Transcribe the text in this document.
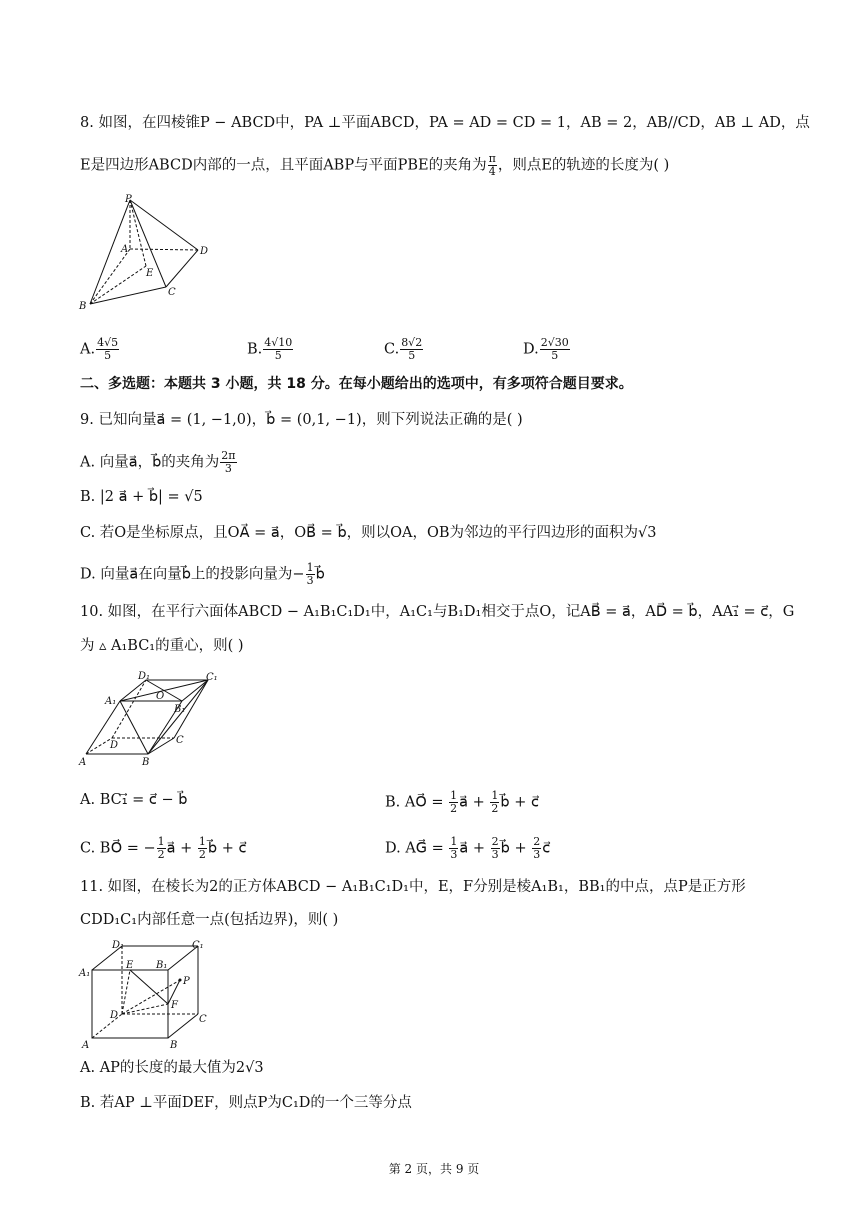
8. 如图，在四棱锥P − ABCD中，PA ⊥平面ABCD，PA = AD = CD = 1，AB = 2，AB//CD，AB ⊥ AD，点
E是四边形ABCD内部的一点，且平面ABP与平面PBE的夹角为 $\frac{\pi}{4}$ ，则点E的轨迹的长度为( )
P
A
B
C
D
E
A. $\frac{4√5}{5}$	B. $\frac{4√10}{5}$	C. $\frac{8√2}{5}$	D. $\frac{2√30}{5}$
二、多选题：本题共 3 小题，共 18 分。在每小题给出的选项中，有多项符合题目要求。
9. 已知向量a⃗ = (1, −1,0)，b⃗ = (0,1, −1)，则下列说法正确的是( )
A. 向量a⃗，b⃗的夹角为 $\frac{2\pi}{3}$
B. |2 a⃗ + b⃗| = √5
C. 若O是坐标原点，且OA⃗ = a⃗，OB⃗ = b⃗，则以OA，OB为邻边的平行四边形的面积为√3
D. 向量a⃗在向量b⃗上的投影向量为− $\frac{1}{3}$ b⃗
10. 如图，在平行六面体ABCD − A₁B₁C₁D₁中，A₁C₁与B₁D₁相交于点O，记AB⃗ = a⃗，AD⃗ = b⃗，AA₁⃗ = c⃗，G
为 ▵ A₁BC₁的重心，则( )
A	B
C
D
A₁
B₁
C₁
D₁
O
A. BC₁⃗ = c⃗ − b⃗	B. AO⃗ = $\frac{1}{2}$ a⃗ + $\frac{1}{2}$ b⃗ + c⃗
C. BO⃗ = − $\frac{1}{2}$ a⃗ + $\frac{1}{2}$ b⃗ + c⃗	D. AG⃗ = $\frac{1}{3}$ a⃗ + $\frac{2}{3}$ b⃗ + $\frac{2}{3}$ c⃗
11. 如图，在棱长为2的正方体ABCD − A₁B₁C₁D₁中，E，F分别是棱A₁B₁，BB₁的中点，点P是正方形
CDD₁C₁内部任意一点(包括边界)，则( )
A	B
C
D
A₁
B₁
C₁
D₁
E
F
P
A. AP的长度的最大值为2√3
B. 若AP ⊥平面DEF，则点P为C₁D的一个三等分点
第 2 页，共 9 页
